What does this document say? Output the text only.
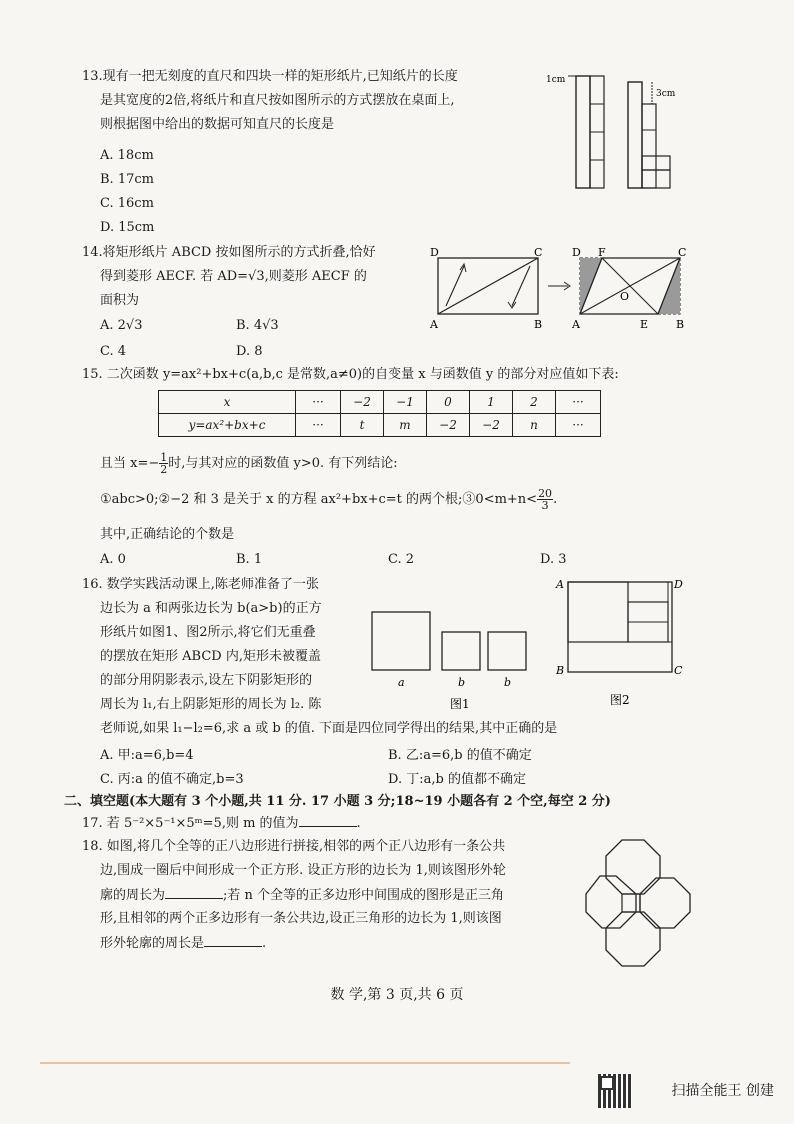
13.现有一把无刻度的直尺和四块一样的矩形纸片,已知纸片的长度
是其宽度的2倍,将纸片和直尺按如图所示的方式摆放在桌面上,
则根据图中给出的数据可知直尺的长度是
A. 18cm
B. 17cm
C. 16cm
D. 15cm
1cm
3cm
14.将矩形纸片 ABCD 按如图所示的方式折叠,恰好
得到菱形 AECF. 若 AD=√3,则菱形 AECF 的
面积为
A. 2√3	B. 4√3
C. 4	D. 8
D	C
A	B
D F	C
O
A	E	B
15. 二次函数 y=ax²+bx+c(a,b,c 是常数,a≠0)的自变量 x 与函数值 y 的部分对应值如下表:
x	···	−2	−1	0	1	2	···
y=ax²+bx+c	···	t	m	−2	−2	n	···
且当 $x=- \frac{1}{2}$ 时,与其对应的函数值 y>0. 有下列结论:
①abc>0;②−2 和 3 是关于 x 的方程 ax²+bx+c=t 的两个根;③0<m+n< $\frac{20}{3}$ .
其中,正确结论的个数是
A. 0	B. 1	C. 2	D. 3
16. 数学实践活动课上,陈老师准备了一张
边长为 a 和两张边长为 b(a>b)的正方
形纸片如图1、图2所示,将它们无重叠
的摆放在矩形 ABCD 内,矩形未被覆盖
的部分用阴影表示,设左下阴影矩形的
周长为 l₁,右上阴影矩形的周长为 l₂. 陈
老师说,如果 l₁−l₂=6,求 a 或 b 的值. 下面是四位同学得出的结果,其中正确的是
A. 甲:a=6,b=4	B. 乙:a=6,b 的值不确定
C. 丙:a 的值不确定,b=3	D. 丁:a,b 的值都不确定
a	b	b
图1
A	D
B	C
图2
二、填空题(本大题有 3 个小题,共 11 分. 17 小题 3 分;18~19 小题各有 2 个空,每空 2 分)
17. 若 5⁻²×5⁻¹×5ᵐ=5,则 m 的值为	.
18. 如图,将几个全等的正八边形进行拼接,相邻的两个正八边形有一条公共
边,围成一圈后中间形成一个正方形. 设正方形的边长为 1,则该图形外轮
廓的周长为	;若 n 个全等的正多边形中间围成的图形是正三角
形,且相邻的两个正多边形有一条公共边,设正三角形的边长为 1,则该图
形外轮廓的周长是	.
数 学,第 3 页,共 6 页
扫描全能王 创建
